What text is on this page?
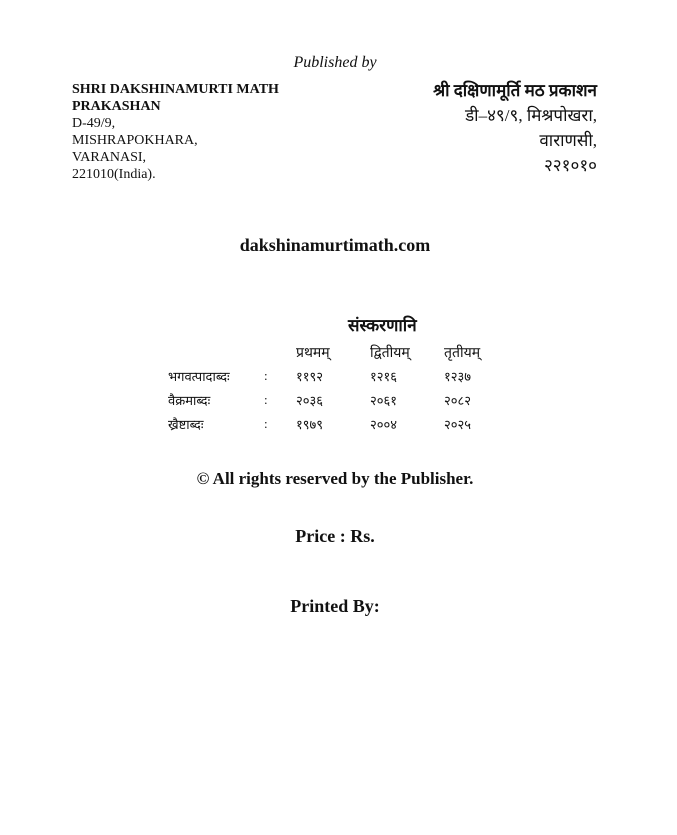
Published by
SHRI DAKSHINAMURTI MATH
PRAKASHAN
D-49/9,
MISHRAPOKHARA,
VARANASI,
221010(India).
श्री दक्षिणामूर्ति मठ प्रकाशन
डी–४९/९, मिश्रपोखरा,
वाराणसी,
२२१०१०
dakshinamurtimath.com
संस्करणानि
		प्रथमम्	द्वितीयम्	तृतीयम्
भगवत्पादाब्दः	:	११९२	१२१६	१२३७
वैक्रमाब्दः	:	२०३६	२०६१	२०८२
ख्रैष्टाब्दः	:	१९७९	२००४	२०२५
© All rights reserved by the Publisher.
Price : Rs.
Printed By:
